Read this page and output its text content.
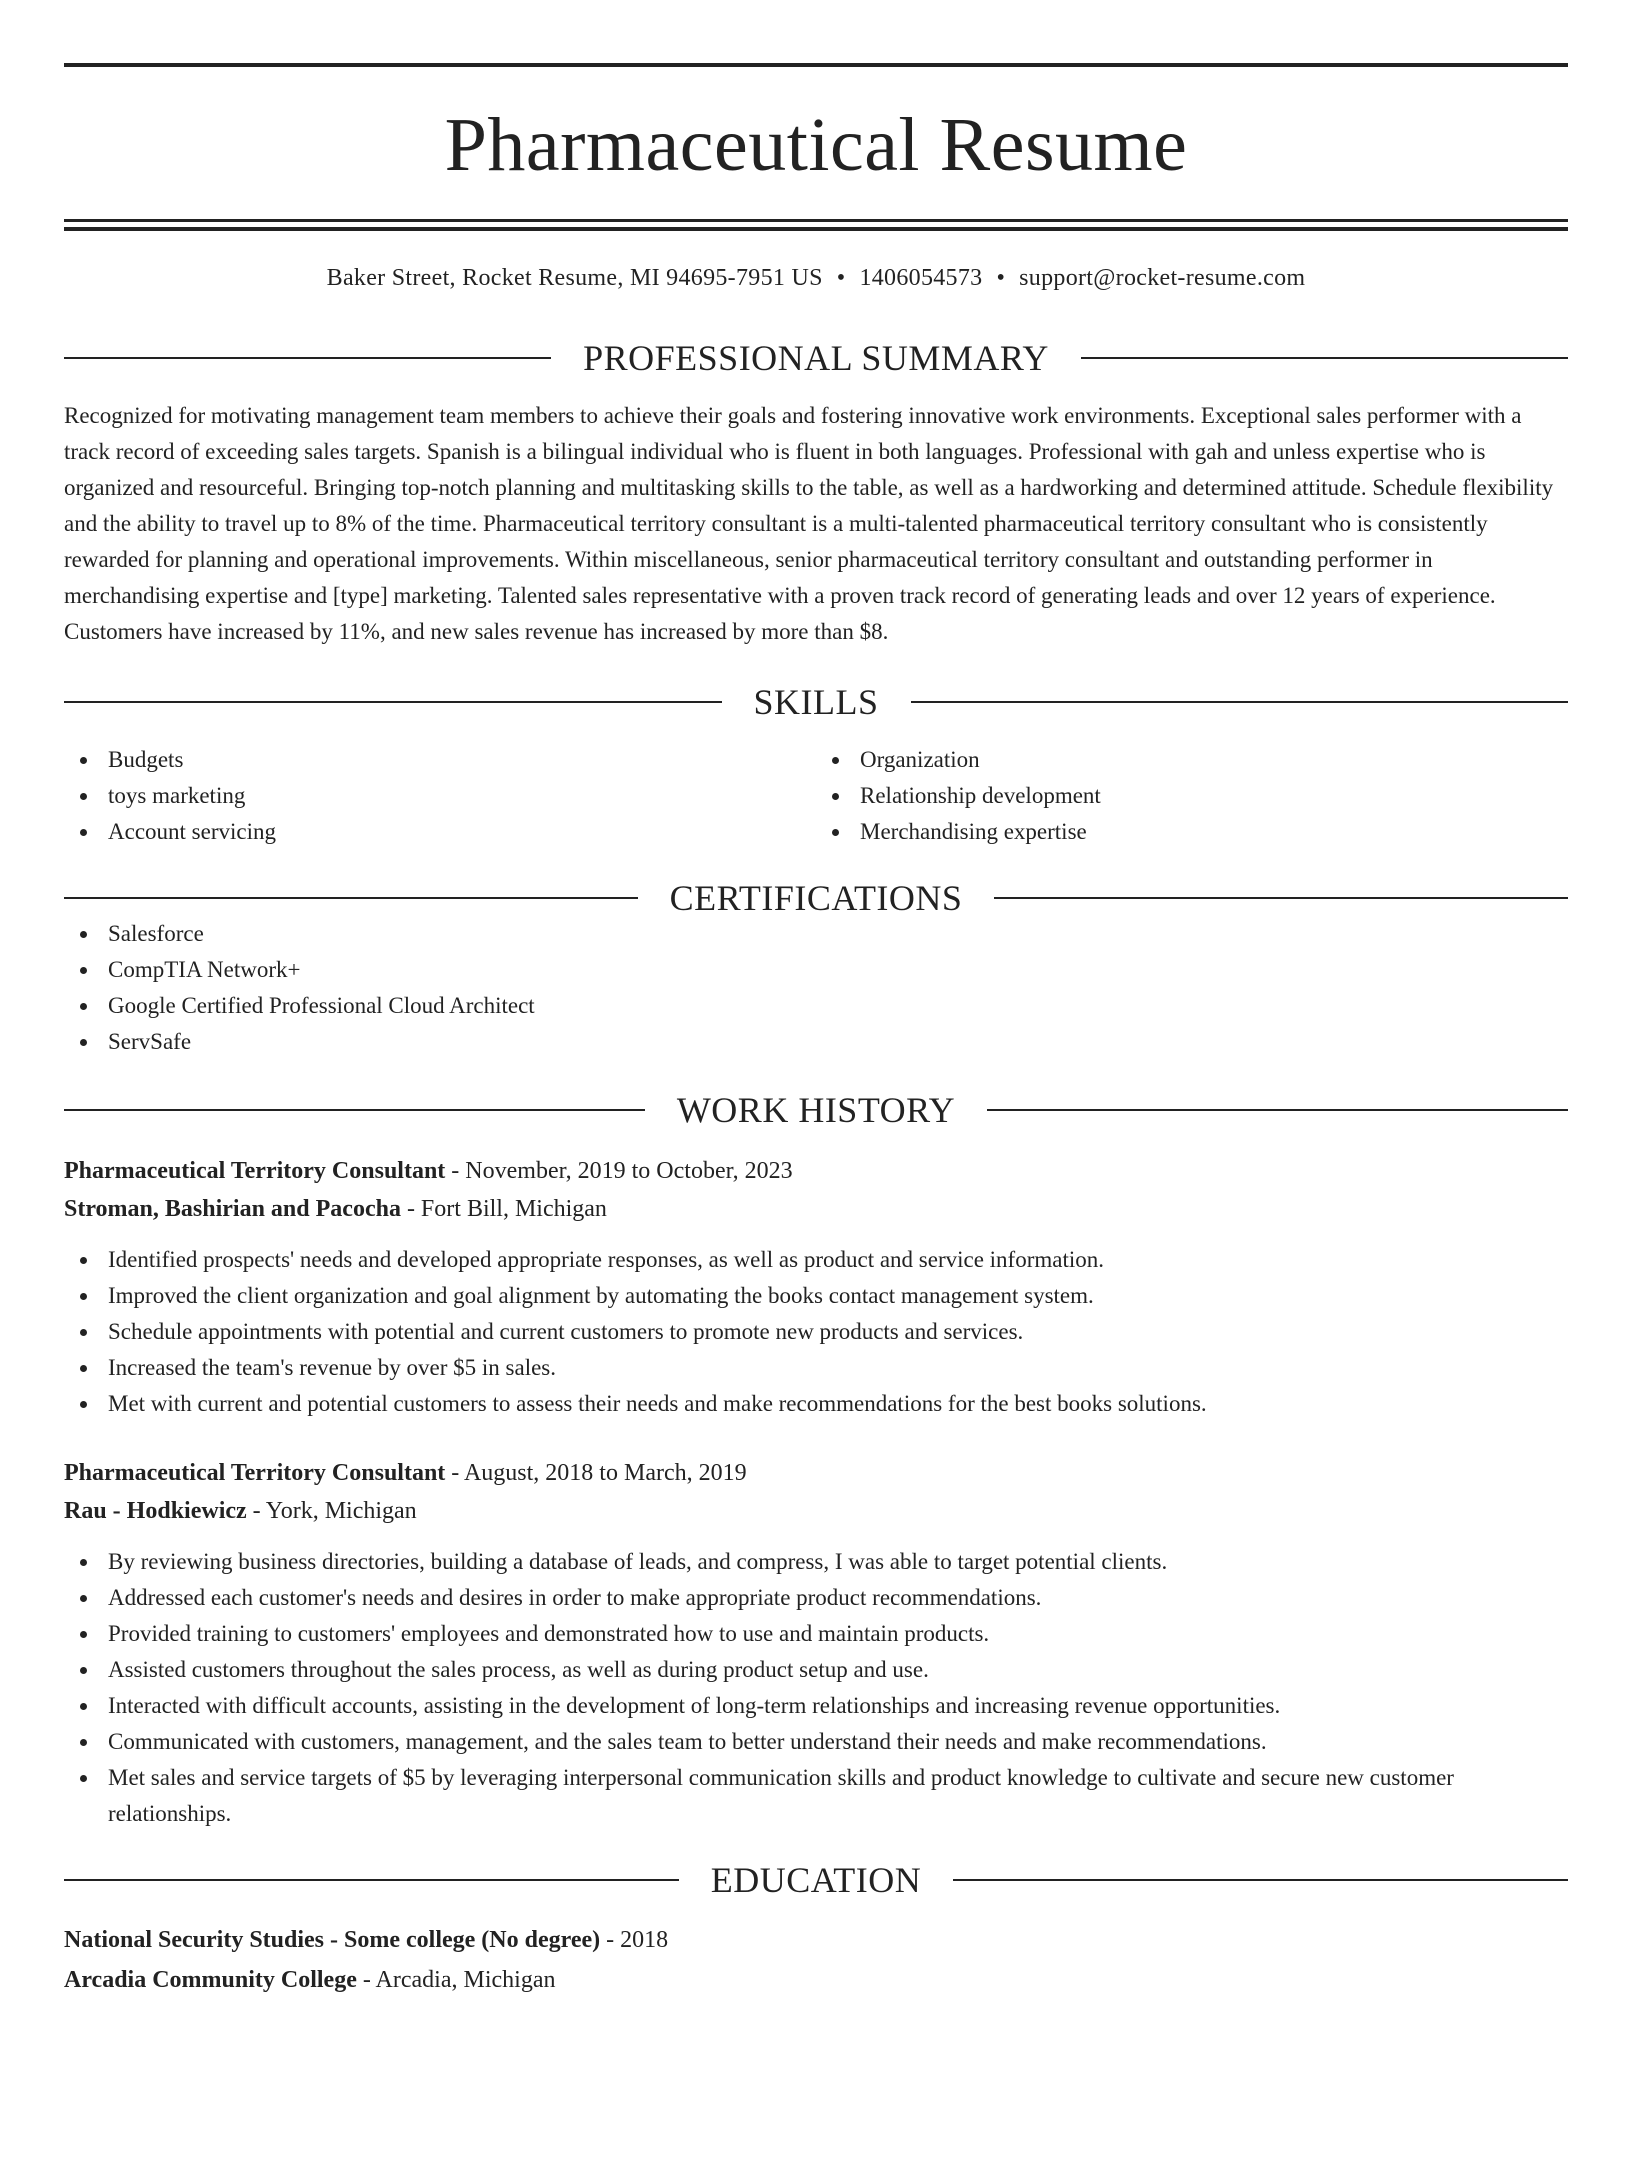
Pharmaceutical Resume
Baker Street, Rocket Resume, MI 94695-7951 US • 1406054573 • support@rocket-resume.com
PROFESSIONAL SUMMARY
Recognized for motivating management team members to achieve their goals and fostering innovative work environments. Exceptional sales performer with a track record of exceeding sales targets. Spanish is a bilingual individual who is fluent in both languages. Professional with gah and unless expertise who is organized and resourceful. Bringing top-notch planning and multitasking skills to the table, as well as a hardworking and determined attitude. Schedule flexibility and the ability to travel up to 8% of the time. Pharmaceutical territory consultant is a multi-talented pharmaceutical territory consultant who is consistently rewarded for planning and operational improvements. Within miscellaneous, senior pharmaceutical territory consultant and outstanding performer in merchandising expertise and [type] marketing. Talented sales representative with a proven track record of generating leads and over 12 years of experience. Customers have increased by 11%, and new sales revenue has increased by more than $8.
SKILLS
Budgets
toys marketing
Account servicing
Organization
Relationship development
Merchandising expertise
CERTIFICATIONS
Salesforce
CompTIA Network+
Google Certified Professional Cloud Architect
ServSafe
WORK HISTORY
Pharmaceutical Territory Consultant - November, 2019 to October, 2023
Stroman, Bashirian and Pacocha - Fort Bill, Michigan
Identified prospects' needs and developed appropriate responses, as well as product and service information.
Improved the client organization and goal alignment by automating the books contact management system.
Schedule appointments with potential and current customers to promote new products and services.
Increased the team's revenue by over $5 in sales.
Met with current and potential customers to assess their needs and make recommendations for the best books solutions.
Pharmaceutical Territory Consultant - August, 2018 to March, 2019
Rau - Hodkiewicz - York, Michigan
By reviewing business directories, building a database of leads, and compress, I was able to target potential clients.
Addressed each customer's needs and desires in order to make appropriate product recommendations.
Provided training to customers' employees and demonstrated how to use and maintain products.
Assisted customers throughout the sales process, as well as during product setup and use.
Interacted with difficult accounts, assisting in the development of long-term relationships and increasing revenue opportunities.
Communicated with customers, management, and the sales team to better understand their needs and make recommendations.
Met sales and service targets of $5 by leveraging interpersonal communication skills and product knowledge to cultivate and secure new customer relationships.
EDUCATION
National Security Studies - Some college (No degree) - 2018
Arcadia Community College - Arcadia, Michigan
